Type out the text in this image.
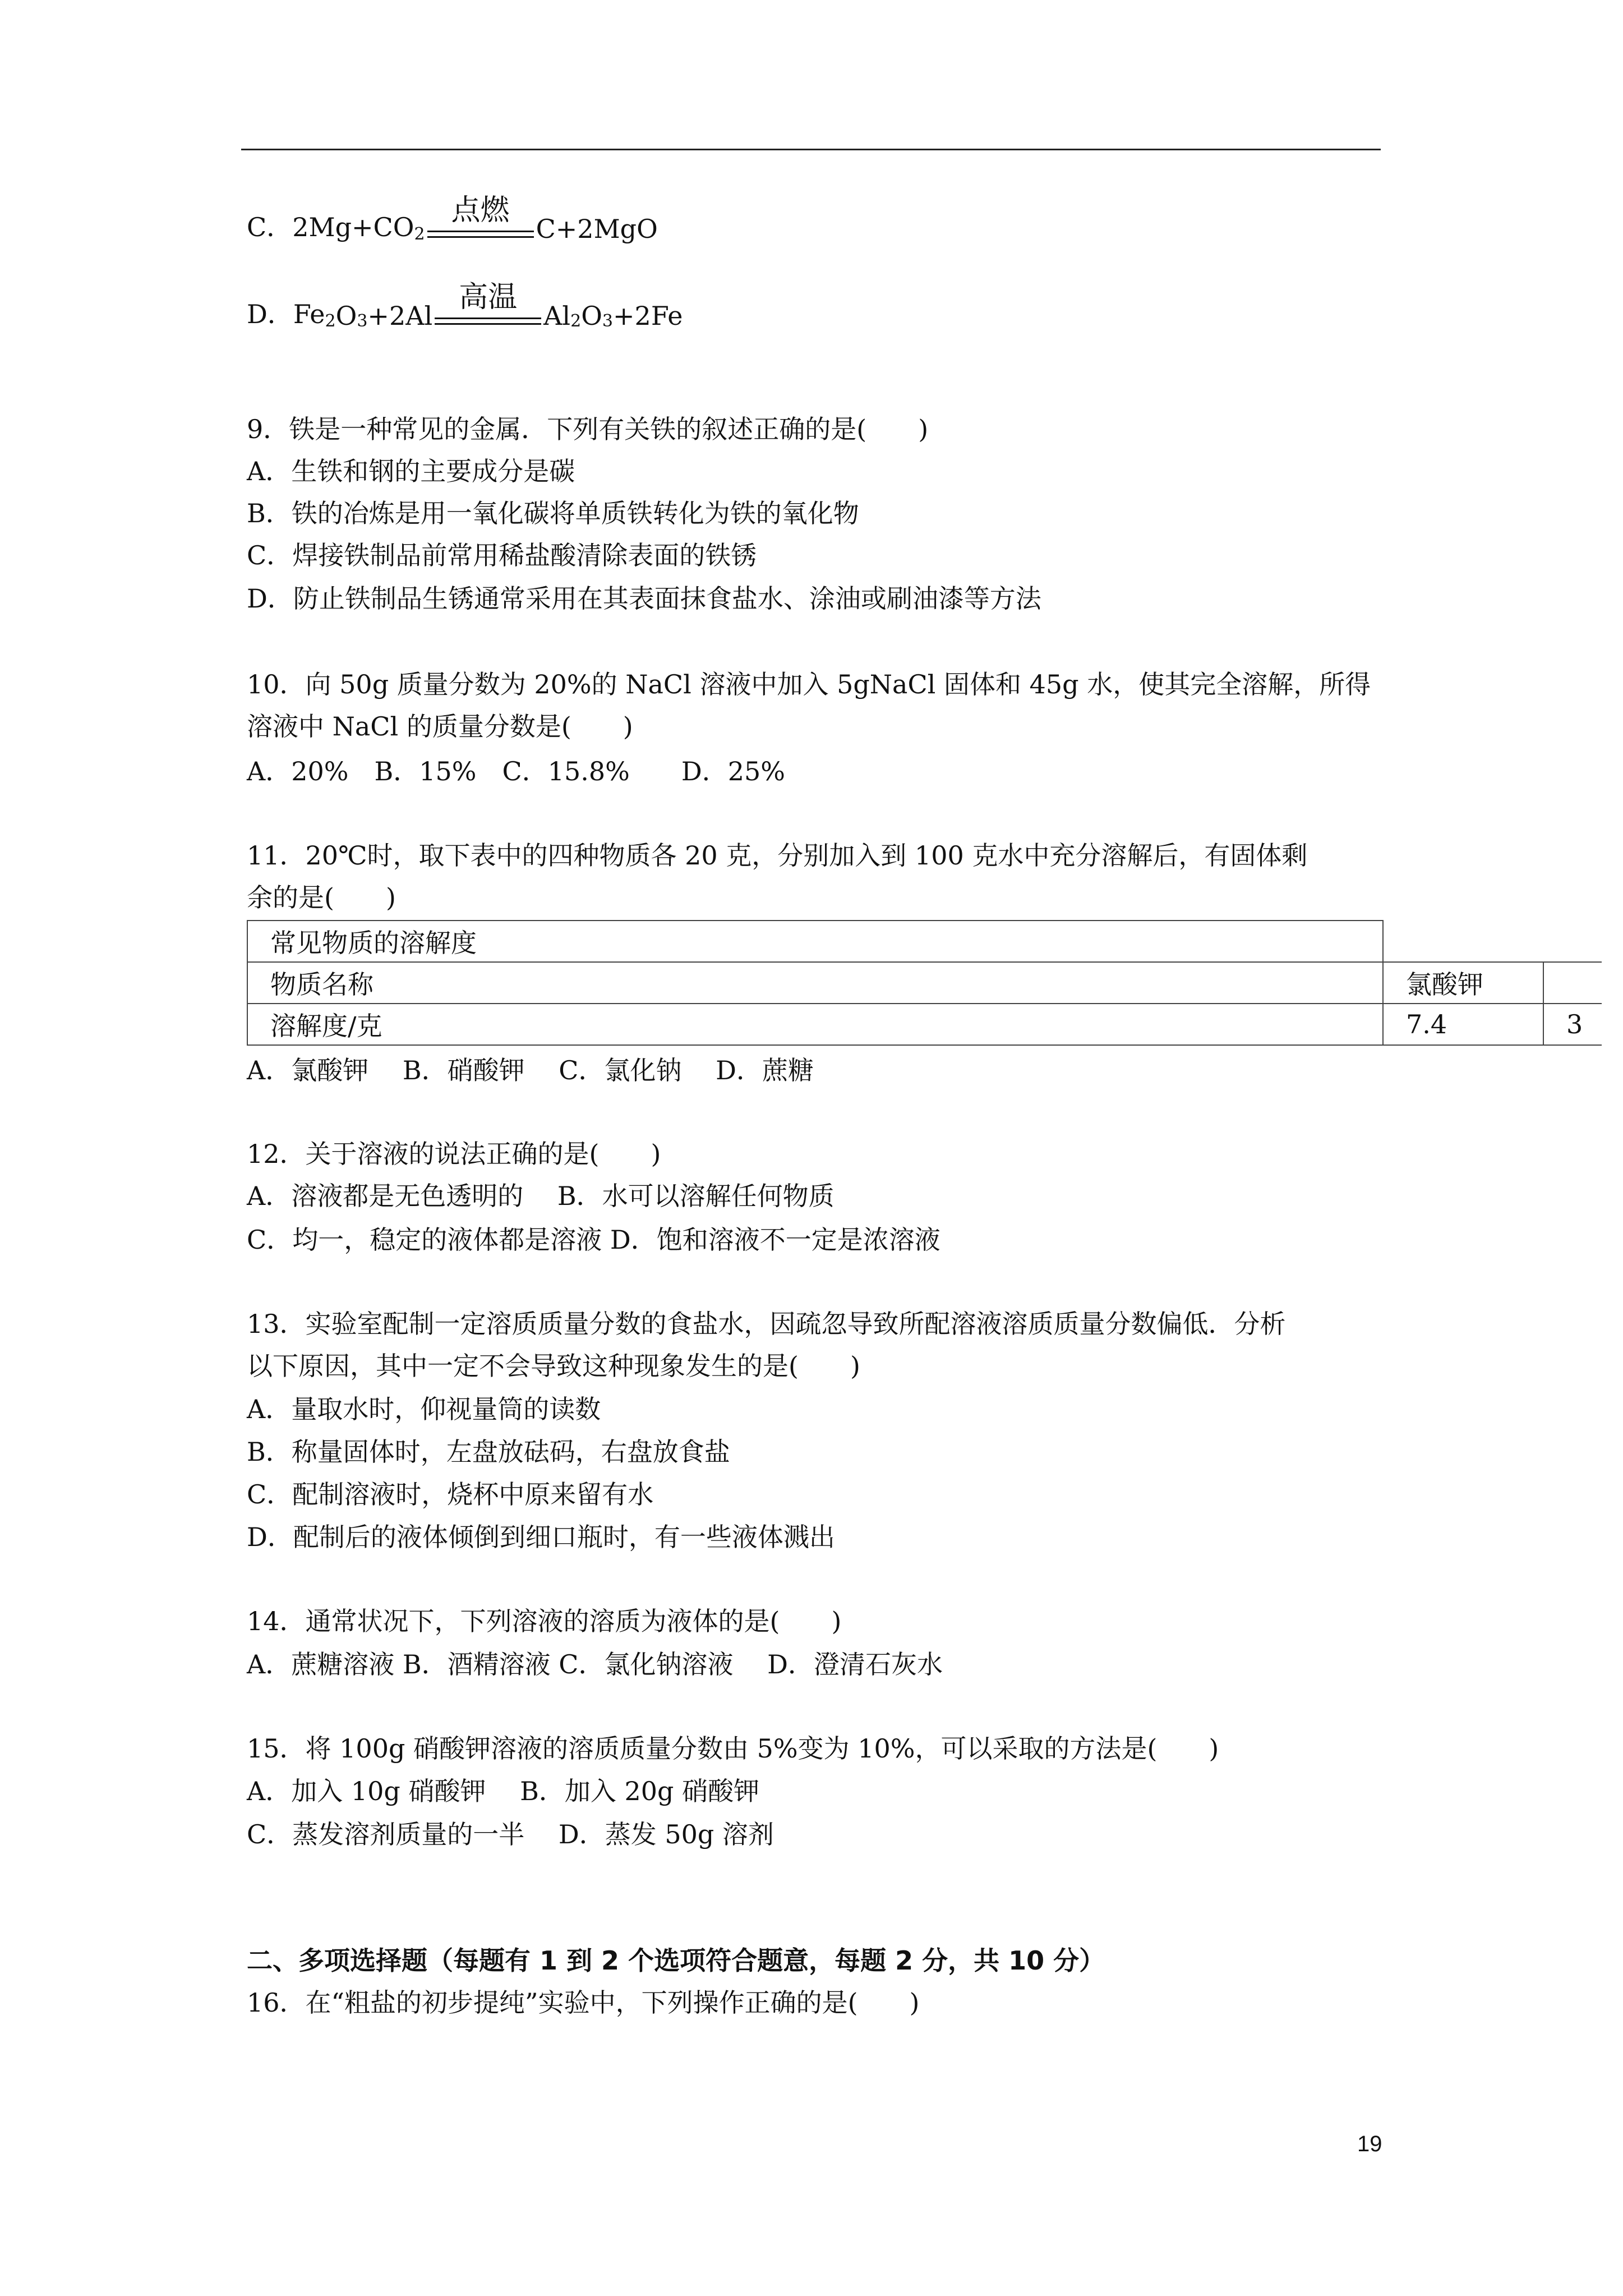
C．$2Mg+CO_2$

点燃

C+2MgO
D．$Fe_2$ $O_3 +2Al$

高温

$Al_2$ $O_3 +2Fe$
9．铁是一种常见的金属．下列有关铁的叙述正确的是(　　)
A．生铁和钢的主要成分是碳
B．铁的冶炼是用一氧化碳将单质铁转化为铁的氧化物
C．焊接铁制品前常用稀盐酸清除表面的铁锈
D．防止铁制品生锈通常采用在其表面抹食盐水、涂油或刷油漆等方法
10．向 50g 质量分数为 20%的 NaCl 溶液中加入 5gNaCl 固体和 45g 水，使其完全溶解，所得
溶液中 NaCl 的质量分数是(　　)
A．20%　B．15%　C．15.8%　　D．25%
11．20℃时，取下表中的四种物质各 20 克，分别加入到 100 克水中充分溶解后，有固体剩
余的是(　　)
常见物质的溶解度		
物质名称	氯酸钾	
溶解度/克	7.4	3
A．氯酸钾　 B．硝酸钾　 C．氯化钠　 D．蔗糖
12．关于溶液的说法正确的是(　　)
A．溶液都是无色透明的　 B．水可以溶解任何物质
C．均一，稳定的液体都是溶液 D．饱和溶液不一定是浓溶液
13．实验室配制一定溶质质量分数的食盐水，因疏忽导致所配溶液溶质质量分数偏低．分析
以下原因，其中一定不会导致这种现象发生的是(　　)
A．量取水时，仰视量筒的读数
B．称量固体时，左盘放砝码，右盘放食盐
C．配制溶液时，烧杯中原来留有水
D．配制后的液体倾倒到细口瓶时，有一些液体溅出
14．通常状况下，下列溶液的溶质为液体的是(　　)
A．蔗糖溶液 B．酒精溶液 C．氯化钠溶液　 D．澄清石灰水
15．将 100g 硝酸钾溶液的溶质质量分数由 5%变为 10%，可以采取的方法是(　　)
A．加入 10g 硝酸钾　 B．加入 20g 硝酸钾
C．蒸发溶剂质量的一半　 D．蒸发 50g 溶剂
二、多项选择题（每题有 1 到 2 个选项符合题意，每题 2 分，共 10 分）
16．在“粗盐的初步提纯”实验中，下列操作正确的是(　　)
19
